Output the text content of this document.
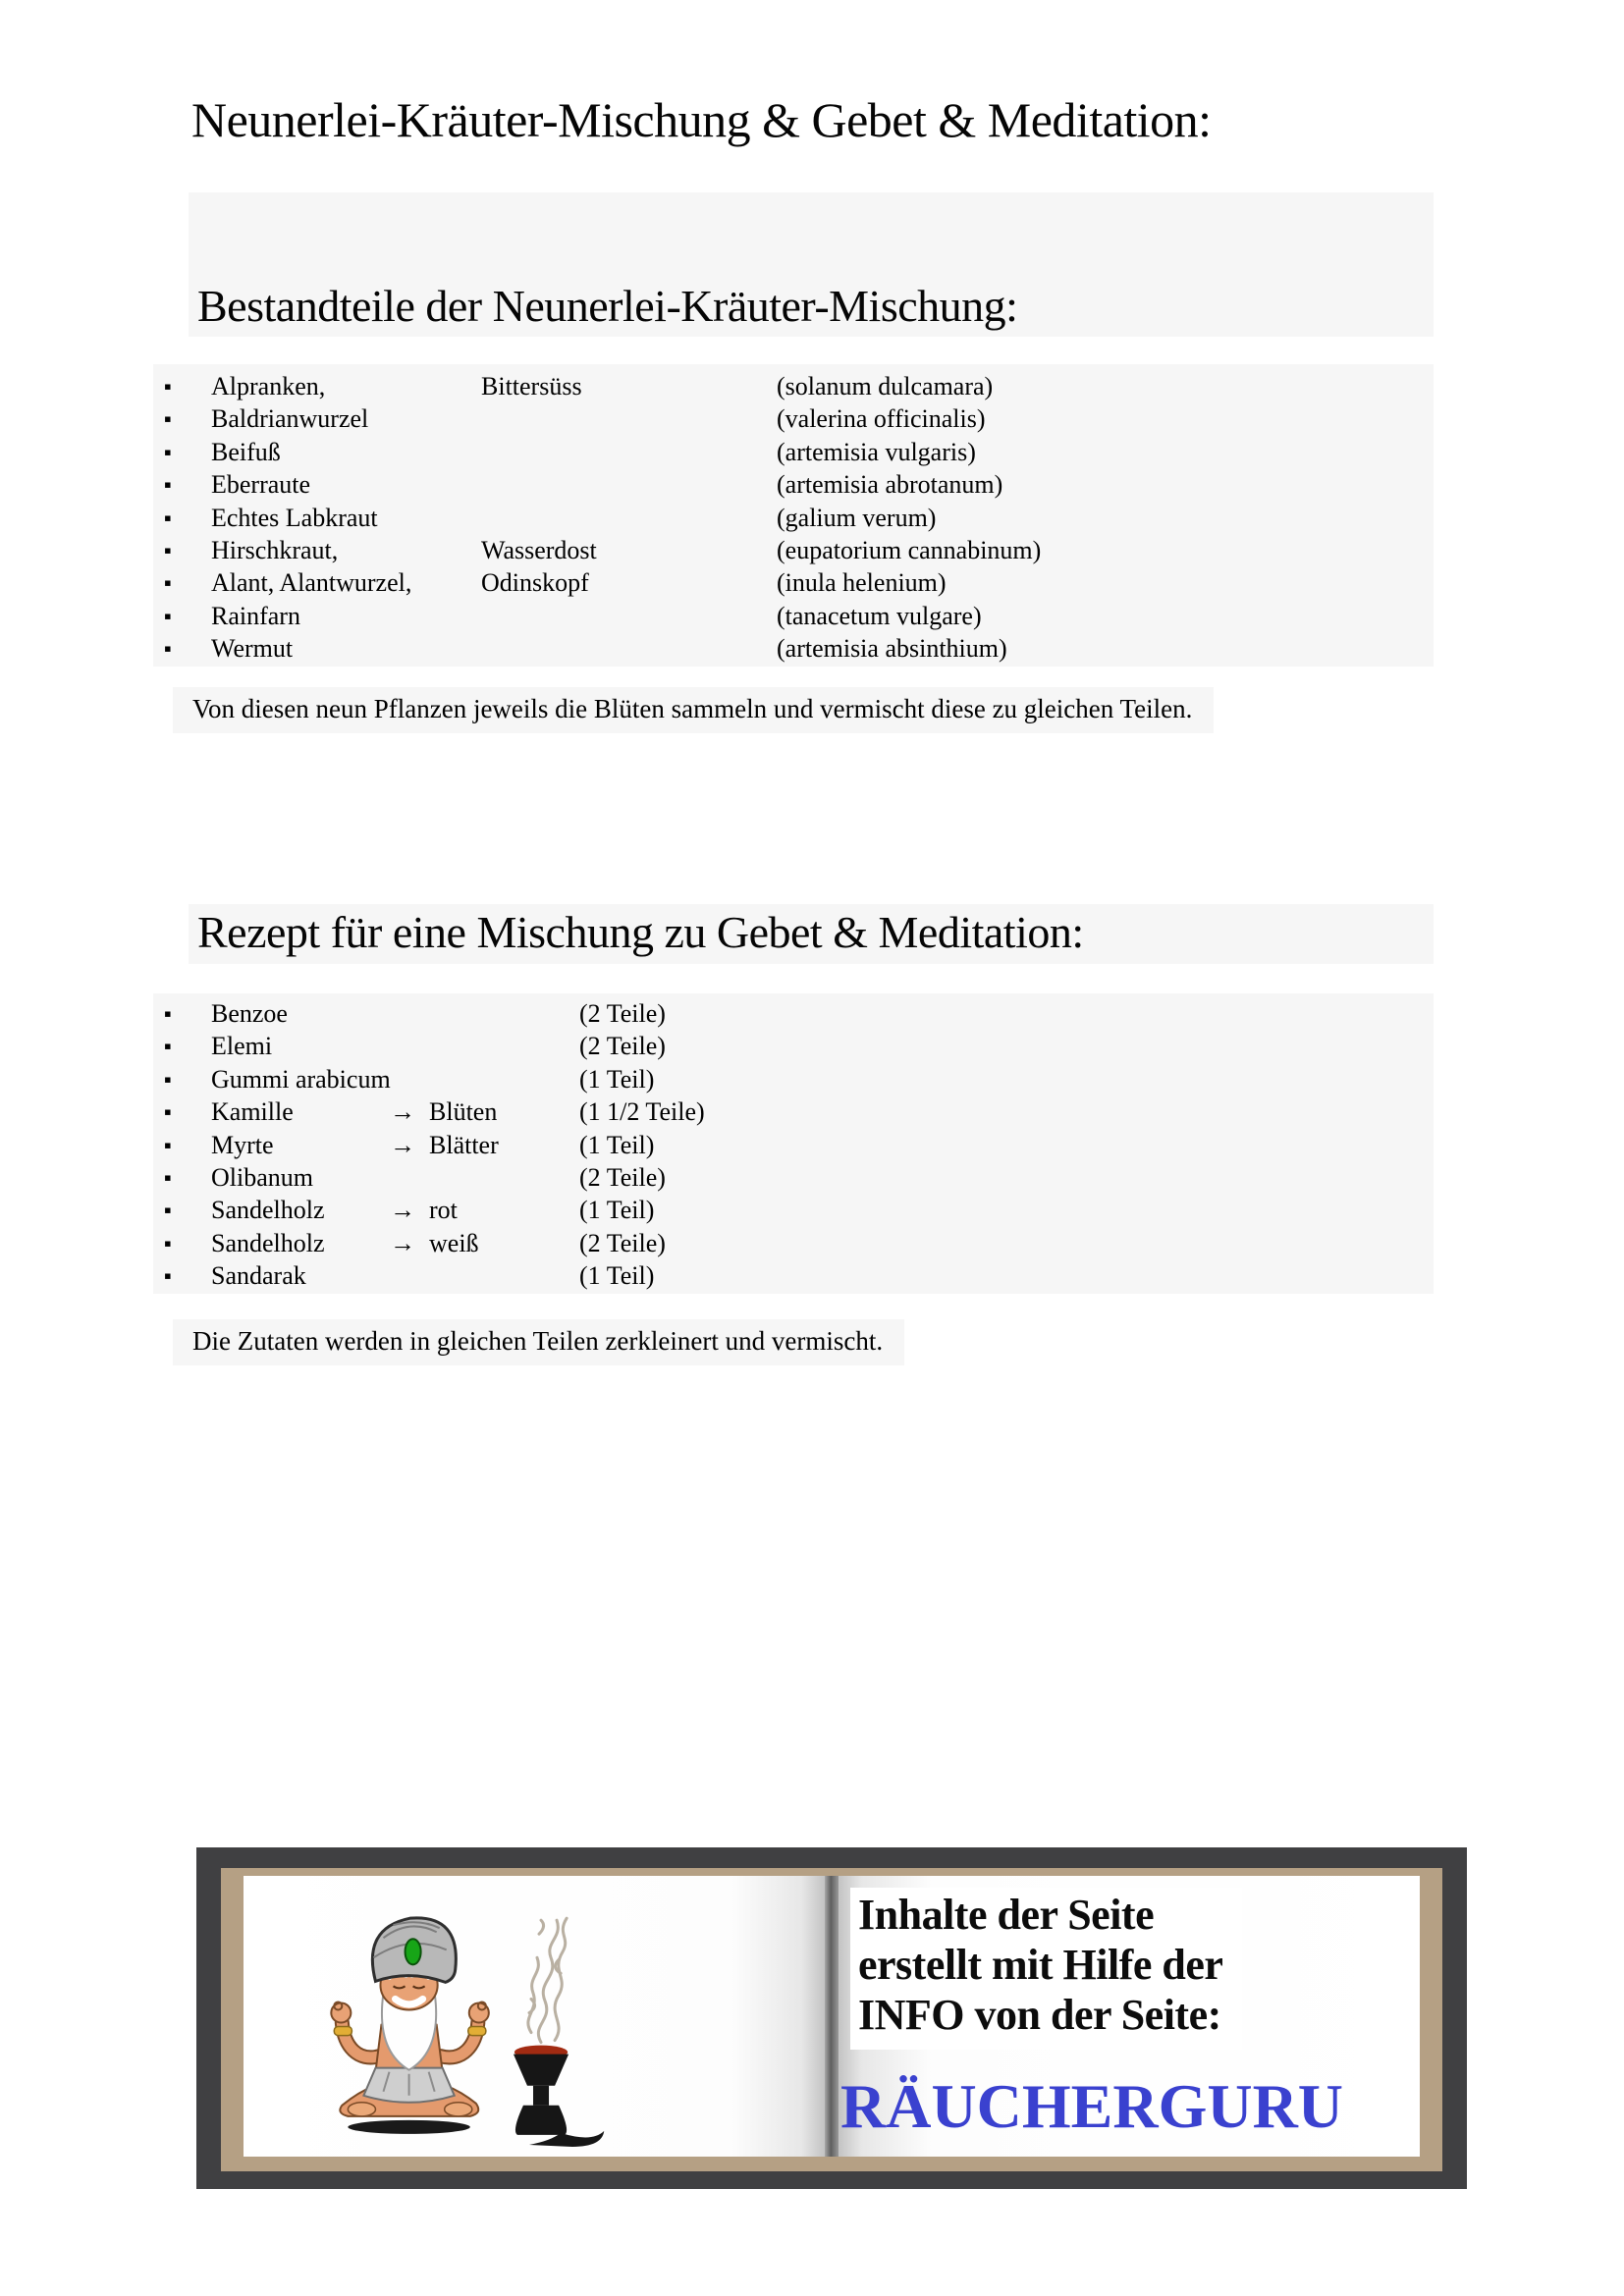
Neunerlei-Kräuter-Mischung & Gebet & Meditation:
Bestandteile der Neunerlei-Kräuter-Mischung:
▪ Alpranken,	Bittersüss	(solanum dulcamara)
▪ Baldrianwurzel	(valerina officinalis)
▪ Beifuß	(artemisia vulgaris)
▪ Eberraute	(artemisia abrotanum)
▪ Echtes Labkraut	(galium verum)
▪ Hirschkraut,	Wasserdost	(eupatorium cannabinum)
▪ Alant, Alantwurzel,	Odinskopf	(inula helenium)
▪ Rainfarn	(tanacetum vulgare)
▪ Wermut	(artemisia absinthium)
Von diesen neun Pflanzen jeweils die Blüten sammeln und vermischt diese zu gleichen Teilen.
Rezept für eine Mischung zu Gebet & Meditation:
▪ Benzoe	(2 Teile)
▪ Elemi	(2 Teile)
▪ Gummi arabicum	(1 Teil)
▪ Kamille	→ Blüten	(1 1/2 Teile)
▪ Myrte	→ Blätter	(1 Teil)
▪ Olibanum	(2 Teile)
▪ Sandelholz	→ rot	(1 Teil)
▪ Sandelholz	→ weiß	(2 Teile)
▪ Sandarak	(1 Teil)
Die Zutaten werden in gleichen Teilen zerkleinert und vermischt.
Inhalte der Seite
erstellt mit Hilfe der
INFO von der Seite:
RÄUCHERGURU
